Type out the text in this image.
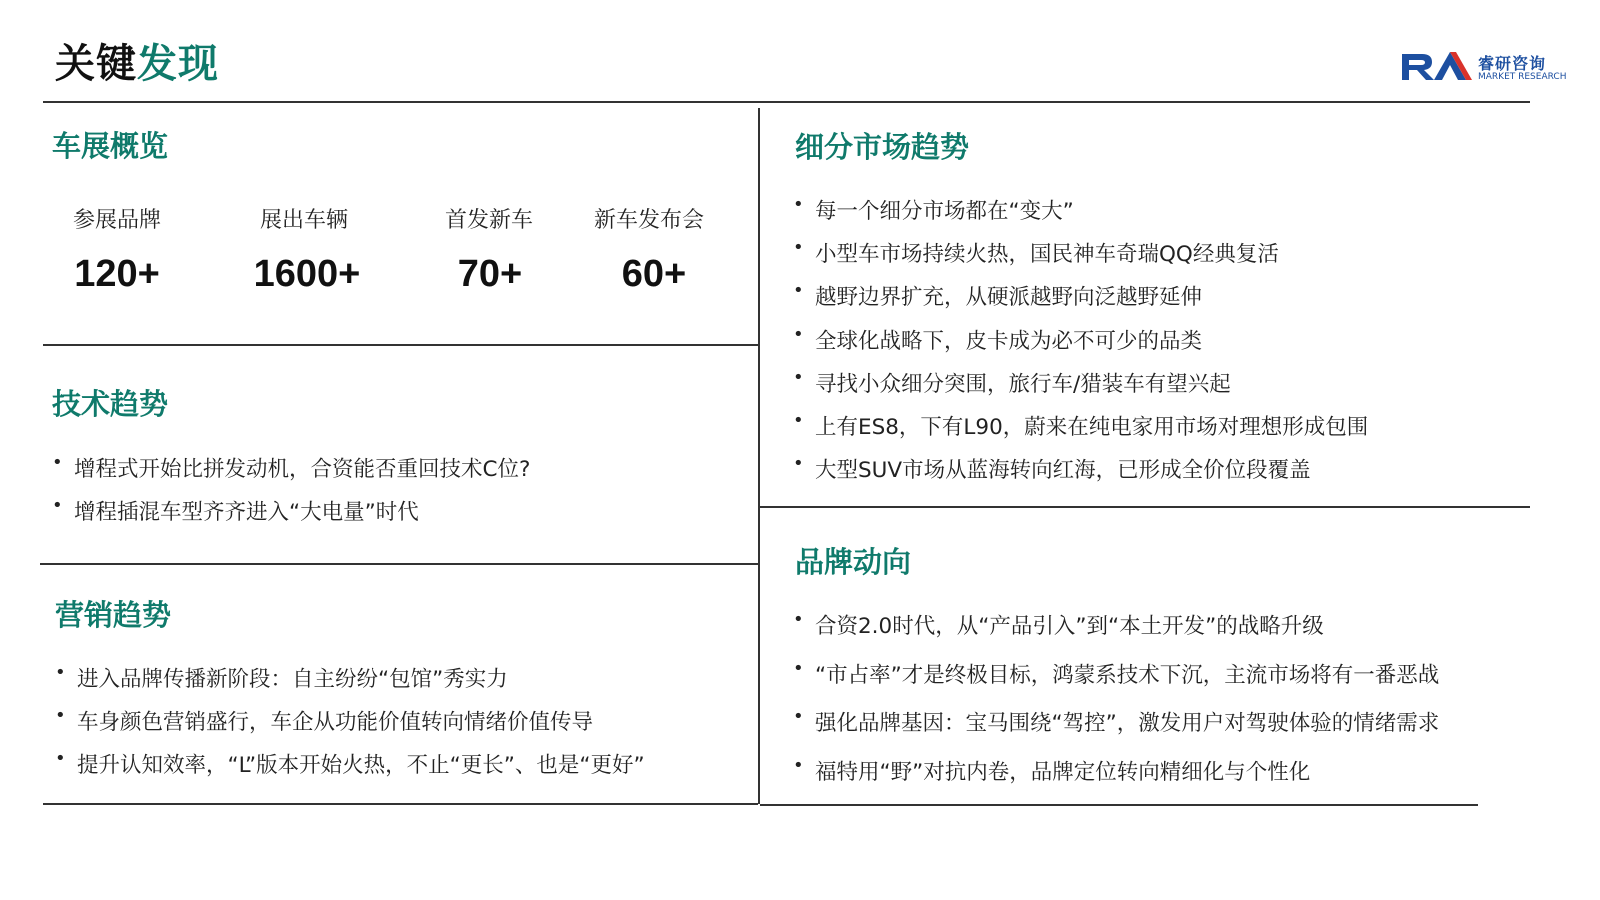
关键发现	睿研咨询
MARKET RESEARCH
车展概览
参展品牌
120+
展出车辆
1600+
首发新车
70+
新车发布会
60+
技术趋势
• 增程式开始比拼发动机，合资能否重回技术C位?
• 增程插混车型齐齐进入“大电量”时代
营销趋势
• 进入品牌传播新阶段：自主纷纷“包馆”秀实力
• 车身颜色营销盛行，车企从功能价值转向情绪价值传导
• 提升认知效率，“L”版本开始火热，不止“更长”、也是“更好”
细分市场趋势
• 每一个细分市场都在“变大”
• 小型车市场持续火热，国民神车奇瑞QQ经典复活
• 越野边界扩充，从硬派越野向泛越野延伸
• 全球化战略下，皮卡成为必不可少的品类
• 寻找小众细分突围，旅行车/猎装车有望兴起
• 上有ES8，下有L90，蔚来在纯电家用市场对理想形成包围
• 大型SUV市场从蓝海转向红海，已形成全价位段覆盖
品牌动向
• 合资2.0时代，从“产品引入”到“本土开发”的战略升级
• “市占率”才是终极目标，鸿蒙系技术下沉，主流市场将有一番恶战
• 强化品牌基因：宝马围绕“驾控”，激发用户对驾驶体验的情绪需求
• 福特用“野”对抗内卷，品牌定位转向精细化与个性化
